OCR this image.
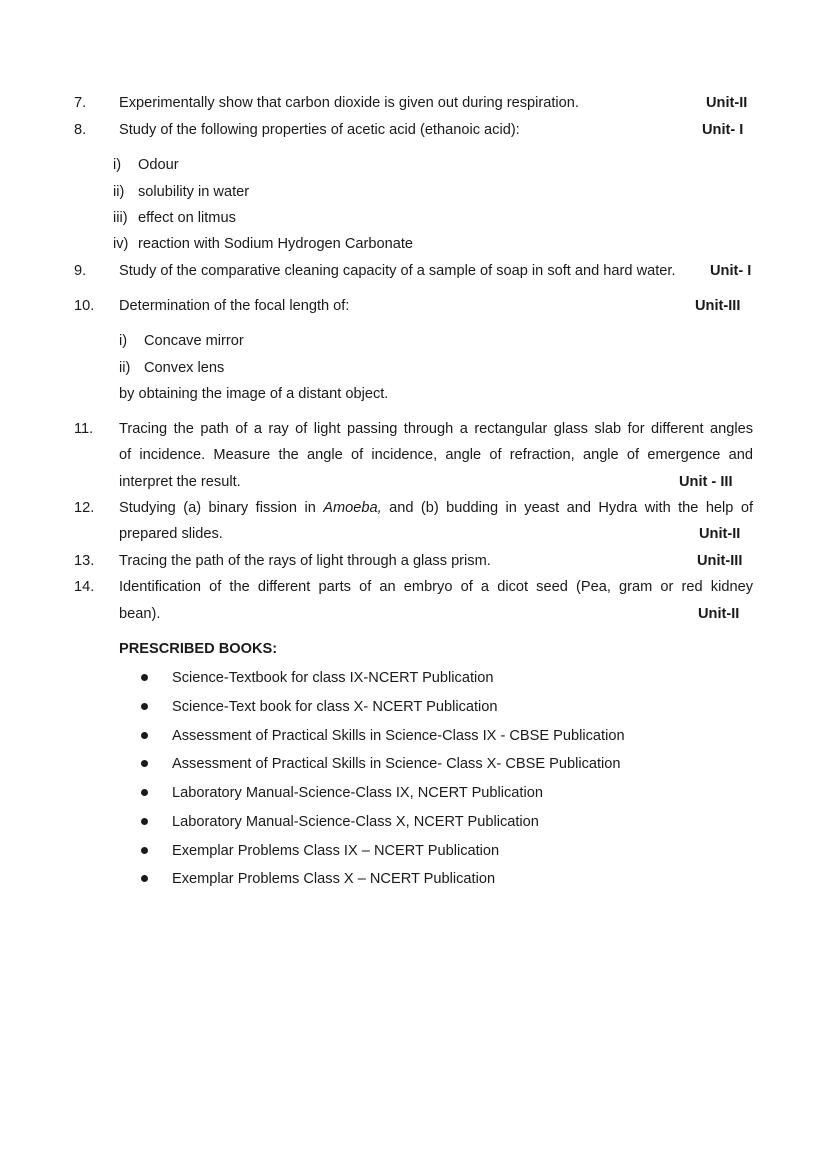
7. Experimentally show that carbon dioxide is given out during respiration.	Unit-II
8. Study of the following properties of acetic acid (ethanoic acid):	Unit- I
i) Odour
ii) solubility in water
iii) effect on litmus
iv) reaction with Sodium Hydrogen Carbonate
9. Study of the comparative cleaning capacity of a sample of soap in soft and hard water. Unit- I
10. Determination of the focal length of:	Unit-III
i) Concave mirror
ii) Convex lens
by obtaining the image of a distant object.
11. Tracing the path of a ray of light passing through a rectangular glass slab for different angles
of incidence. Measure the angle of incidence, angle of refraction, angle of emergence and
interpret the result.	Unit - III
12. Studying (a) binary fission in Amoeba, and (b) budding in yeast and Hydra with the help of
prepared slides.	Unit-II
13. Tracing the path of the rays of light through a glass prism.	Unit-III
14. Identification of the different parts of an embryo of a dicot seed (Pea, gram or red kidney
bean).	Unit-II
PRESCRIBED BOOKS:
Science-Textbook for class IX-NCERT Publication
Science-Text book for class X- NCERT Publication
Assessment of Practical Skills in Science-Class IX - CBSE Publication
Assessment of Practical Skills in Science- Class X- CBSE Publication
Laboratory Manual-Science-Class IX, NCERT Publication
Laboratory Manual-Science-Class X, NCERT Publication
Exemplar Problems Class IX – NCERT Publication
Exemplar Problems Class X – NCERT Publication
